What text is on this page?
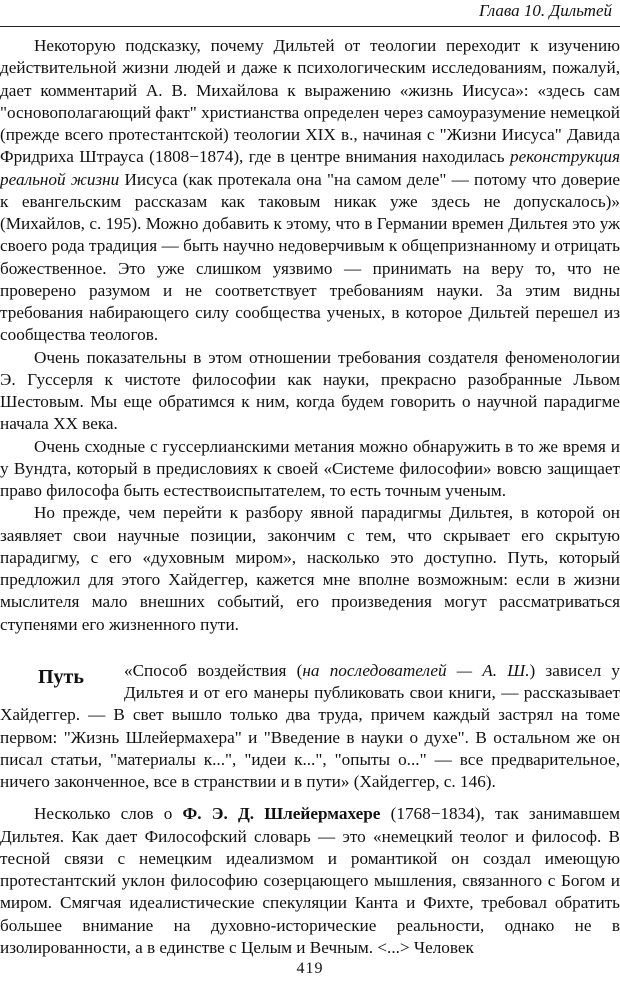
Глава 10. Дильтей

Некоторую подсказку, почему Дильтей от теологии переходит к изучению действительной жизни людей и даже к психологическим исследованиям, пожалуй, дает комментарий А. В. Михайлова к выражению «жизнь Иисуса»: «здесь сам "основополагающий факт" христианства определен через самоуразумение немецкой (прежде всего протестантской) теологии XIX в., начиная с "Жизни Иисуса" Давида Фридриха Штрауса (1808−1874), где в центре внимания находилась реконструкция реальной жизни Иисуса (как протекала она "на самом деле" — потому что доверие к евангельским рассказам как таковым никак уже здесь не допускалось)» (Михайлов, с. 195). Можно добавить к этому, что в Германии времен Дильтея это уж своего рода традиция — быть научно недоверчивым к общепризнанному и отрицать божественное. Это уже слишком уязвимо — принимать на веру то, что не проверено разумом и не соответствует требованиям науки. За этим видны требования набирающего силу сообщества ученых, в которое Дильтей перешел из сообщества теологов.

Очень показательны в этом отношении требования создателя феноменологии Э. Гуссерля к чистоте философии как науки, прекрасно разобранные Львом Шестовым. Мы еще обратимся к ним, когда будем говорить о научной парадигме начала XX века.

Очень сходные с гуссерлианскими метания можно обнаружить в то же время и у Вундта, который в предисловиях к своей «Системе философии» вовсю защищает право философа быть естествоиспытателем, то есть точным ученым.

Но прежде, чем перейти к разбору явной парадигмы Дильтея, в которой он заявляет свои научные позиции, закончим с тем, что скрывает его скрытую парадигму, с его «духовным миром», насколько это доступно. Путь, который предложил для этого Хайдеггер, кажется мне вполне возможным: если в жизни мыслителя мало внешних событий, его произведения могут рассматриваться ступенями его жизненного пути.

Путь	«Способ воздействия (на последователей — А. Ш.) зависел у Дильтея и от его манеры публиковать свои книги, — рассказывает Хайдеггер. — В свет вышло только два труда, причем каждый застрял на томе первом: "Жизнь Шлейермахера" и "Введение в науки о духе". В остальном же он писал статьи, "материалы к...", "идеи к...", "опыты о..." — все предварительное, ничего законченное, все в странствии и в пути» (Хайдеггер, с. 146).

Несколько слов о Ф. Э. Д. Шлейермахере (1768−1834), так занимавшем Дильтея. Как дает Философский словарь — это «немецкий теолог и философ. В тесной связи с немецким идеализмом и романтикой он создал имеющую протестантский уклон философию созерцающего мышления, связанного с Богом и миром. Смягчая идеалистические спекуляции Канта и Фихте, требовал обратить большее внимание на духовно-исторические реальности, однако не в изолированности, а в единстве с Целым и Вечным. <...> Человек

419
